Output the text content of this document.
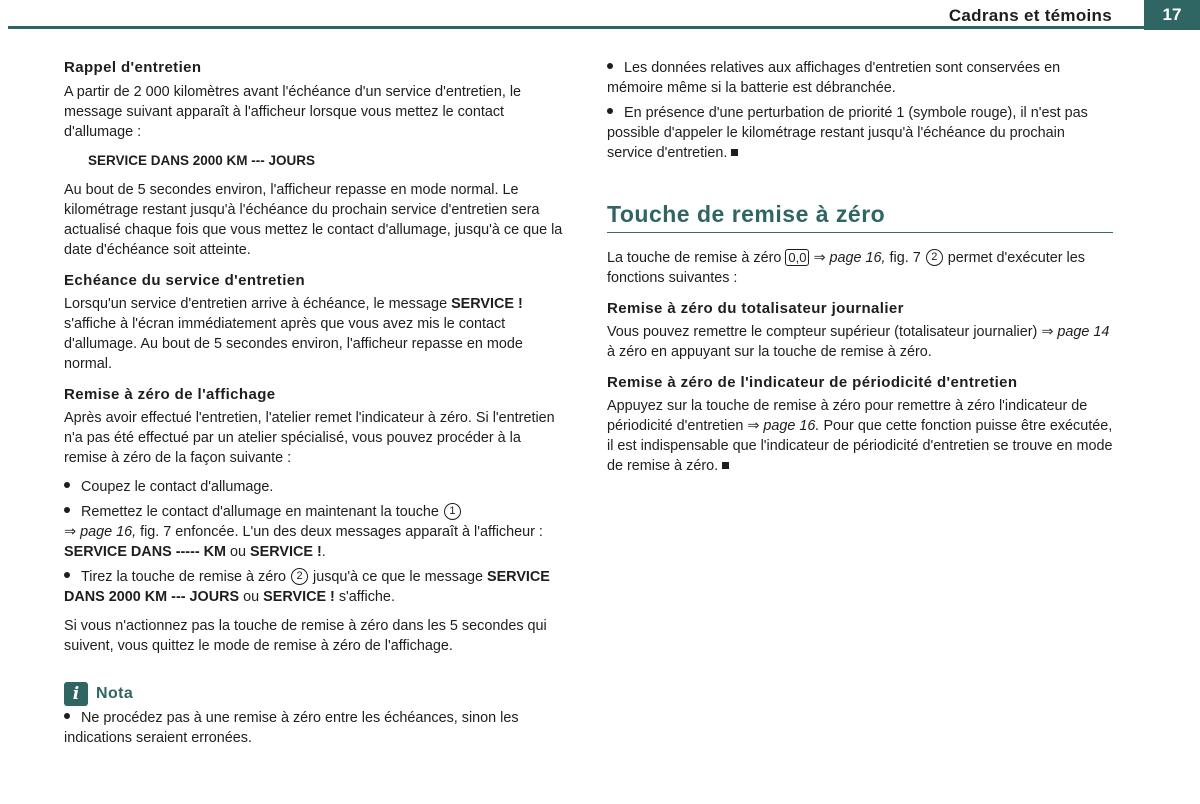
Cadrans et témoins	17
Rappel d'entretien

A partir de 2 000 kilomètres avant l'échéance d'un service d'entretien, le message suivant apparaît à l'afficheur lorsque vous mettez le contact d'allumage :

SERVICE DANS 2000 KM --- JOURS

Au bout de 5 secondes environ, l'afficheur repasse en mode normal. Le kilométrage restant jusqu'à l'échéance du prochain service d'entretien sera actualisé chaque fois que vous mettez le contact d'allumage, jusqu'à ce que la date d'échéance soit atteinte.

Echéance du service d'entretien

Lorsqu'un service d'entretien arrive à échéance, le message SERVICE ! s'affiche à l'écran immédiatement après que vous avez mis le contact d'allumage. Au bout de 5 secondes environ, l'afficheur repasse en mode normal.

Remise à zéro de l'affichage

Après avoir effectué l'entretien, l'atelier remet l'indicateur à zéro. Si l'entretien n'a pas été effectué par un atelier spécialisé, vous pouvez procéder à la remise à zéro de la façon suivante :

Coupez le contact d'allumage.

Remettez le contact d'allumage en maintenant la touche 1
⇒ page 16, fig. 7 enfoncée. L'un des deux messages apparaît à l'afficheur : SERVICE DANS ----- KM ou SERVICE !.

Tirez la touche de remise à zéro 2 jusqu'à ce que le message SERVICE DANS 2000 KM --- JOURS ou SERVICE ! s'affiche.

Si vous n'actionnez pas la touche de remise à zéro dans les 5 secondes qui suivent, vous quittez le mode de remise à zéro de l'affichage.

i	Nota

Ne procédez pas à une remise à zéro entre les échéances, sinon les indications seraient erronées.

Les données relatives aux affichages d'entretien sont conservées en mémoire même si la batterie est débranchée.

En présence d'une perturbation de priorité 1 (symbole rouge), il n'est pas possible d'appeler le kilométrage restant jusqu'à l'échéance du prochain service d'entretien.

Touche de remise à zéro

La touche de remise à zéro 0,0 ⇒ page 16, fig. 7 2 permet d'exécuter les fonctions suivantes :

Remise à zéro du totalisateur journalier

Vous pouvez remettre le compteur supérieur (totalisateur journalier) ⇒ page 14 à zéro en appuyant sur la touche de remise à zéro.

Remise à zéro de l'indicateur de périodicité d'entretien

Appuyez sur la touche de remise à zéro pour remettre à zéro l'indicateur de périodicité d'entretien ⇒ page 16. Pour que cette fonction puisse être exécutée, il est indispensable que l'indicateur de périodicité d'entretien se trouve en mode de remise à zéro.
